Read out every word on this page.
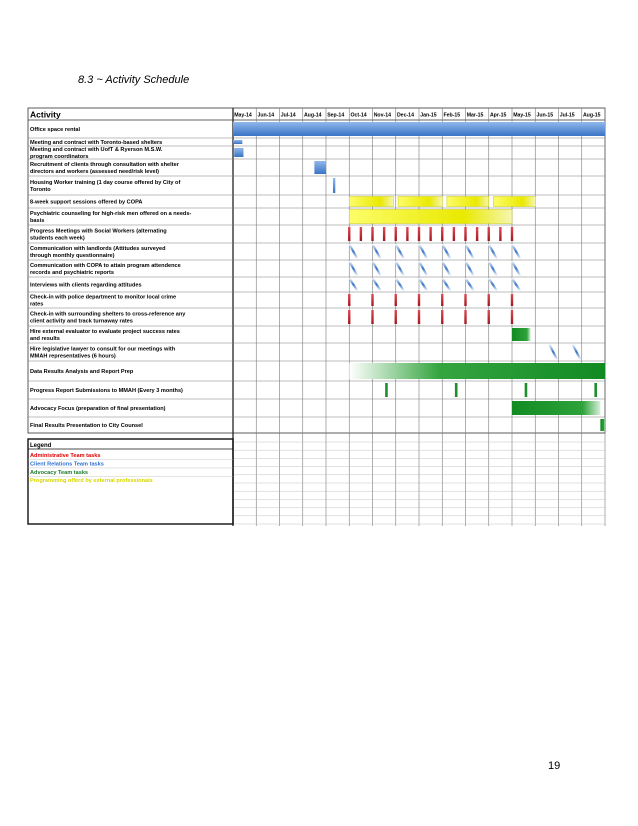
8.3 ~ Activity Schedule
Activity	May-14 Jun-14 Jul-14 Aug-14 Sep-14 Oct-14 Nov-14 Dec-14 Jan-15 Feb-15 Mar-15 Apr-15 May-15 Jun-15 Jul-15 Aug-15
Office space rental
Meeting and contract with Toronto-based shelters
Meeting and contract with UofT & Ryerson M.S.W.
program coordinators
Recruitment of clients through consultation with shelter
directors and workers (assessed need/risk level)
Housing Worker training (1 day course offered by City of
Toronto
8-week support sessions offered by COPA
Psychiatric counseling for high-risk men offered on a needs-
basis
Progress Meetings with Social Workers (alternating
students each week)
Communication with landlords (Attitudes surveyed
through monthly questionnaire)
Communication with COPA to attain program attendence
records and psychiatric reports
Interviews with clients regarding attitudes
Check-in with police department to monitor local crime
rates
Check-in with surrounding shelters to cross-reference any
client activity and track turnaway rates
Hire external evaluator to evaluate project success rates
and results
Hire legislative lawyer to consult for our meetings with
MMAH representatives (6 hours)
Data Results Analysis and Report Prep
Progress Report Submissions to MMAH (Every 3 months)
Advocacy Focus (preparation of final presentation)
Final Results Presentation to City Counsel
Legend
Administrative Team tasks
Client Relations Team tasks
Advocacy Team tasks
Programming offerd by external professionals
19
